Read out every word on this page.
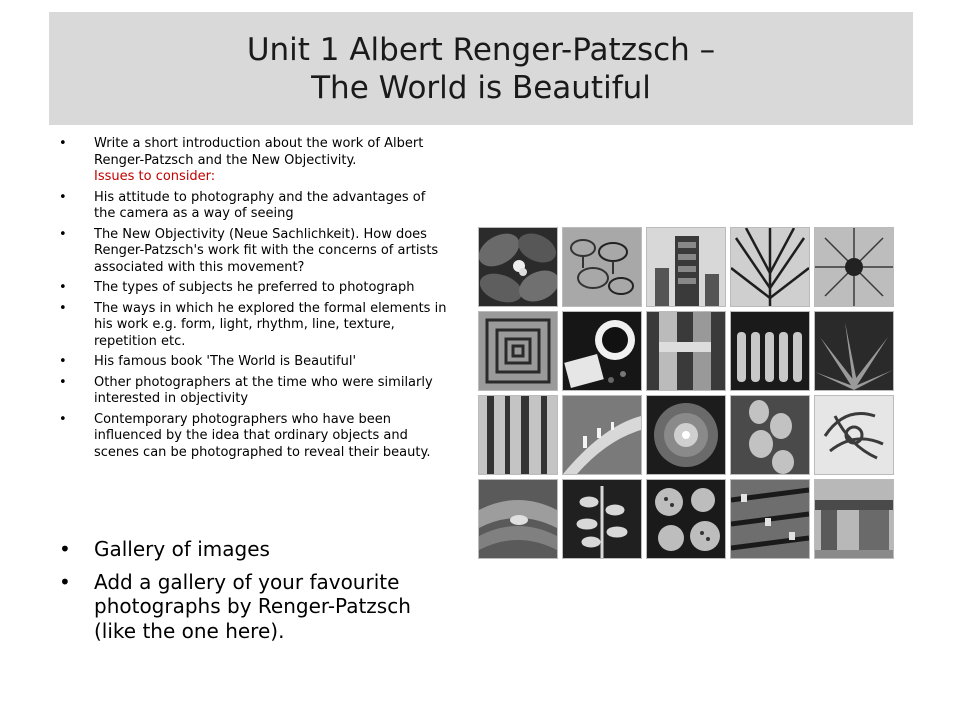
Unit 1 Albert Renger-Patzsch –
The World is Beautiful
• Write a short introduction about the work of Albert Renger-Patzsch and the New Objectivity.
Issues to consider:
• His attitude to photography and the advantages of the camera as a way of seeing
• The New Objectivity (Neue Sachlichkeit). How does Renger-Patzsch's work fit with the concerns of artists associated with this movement?
• The types of subjects he preferred to photograph
• The ways in which he explored the formal elements in his work e.g. form, light, rhythm, line, texture, repetition etc.
• His famous book 'The World is Beautiful'
• Other photographers at the time who were similarly interested in objectivity
• Contemporary photographers who have been influenced by the idea that ordinary objects and scenes can be photographed to reveal their beauty.
• Gallery of images
• Add a gallery of your favourite photographs by Renger-Patzsch (like the one here).
